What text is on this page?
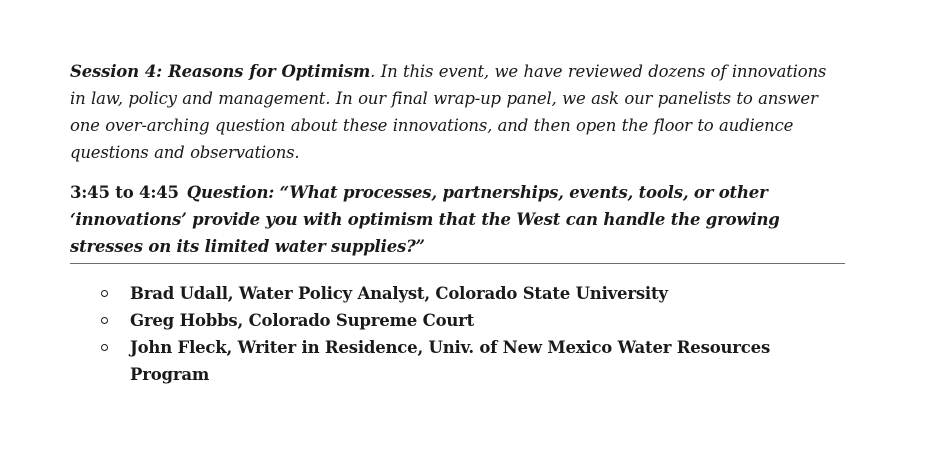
Session 4: Reasons for Optimism. In this event, we have reviewed dozens of innovations in law, policy and management. In our final wrap-up panel, we ask our panelists to answer one over-arching question about these innovations, and then open the floor to audience questions and observations.

3:45 to 4:45 Question: “What processes, partnerships, events, tools, or other ‘innovations’ provide you with optimism that the West can handle the growing stresses on its limited water supplies?”

Brad Udall, Water Policy Analyst, Colorado State University
Greg Hobbs, Colorado Supreme Court
John Fleck, Writer in Residence, Univ. of New Mexico Water Resources Program
